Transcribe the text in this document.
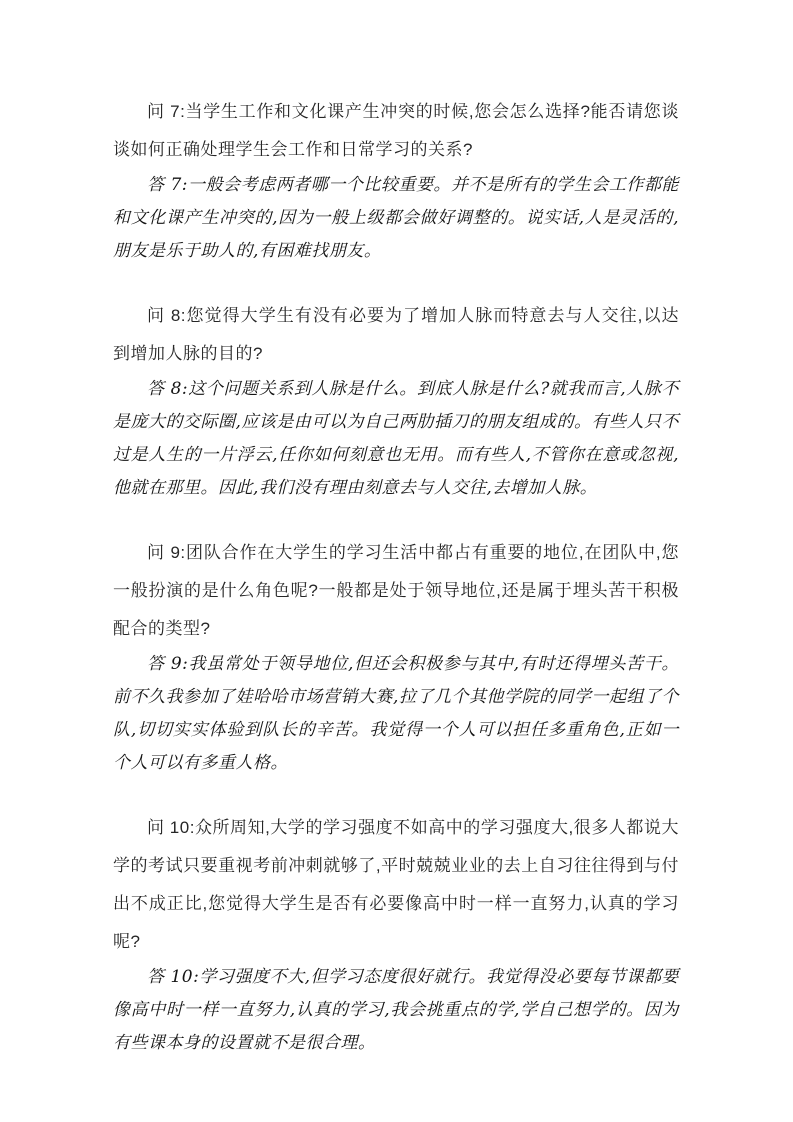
问 7:当学生工作和文化课产生冲突的时候,您会怎么选择?能否请您谈谈如何正确处理学生会工作和日常学习的关系?

答 7:一般会考虑两者哪一个比较重要。并不是所有的学生会工作都能和文化课产生冲突的,因为一般上级都会做好调整的。说实话,人是灵活的,朋友是乐于助人的,有困难找朋友。

问 8:您觉得大学生有没有必要为了增加人脉而特意去与人交往,以达到增加人脉的目的?

答 8:这个问题关系到人脉是什么。到底人脉是什么?就我而言,人脉不是庞大的交际圈,应该是由可以为自己两肋插刀的朋友组成的。有些人只不过是人生的一片浮云,任你如何刻意也无用。而有些人,不管你在意或忽视,他就在那里。因此,我们没有理由刻意去与人交往,去增加人脉。

问 9:团队合作在大学生的学习生活中都占有重要的地位,在团队中,您一般扮演的是什么角色呢?一般都是处于领导地位,还是属于埋头苦干积极配合的类型?

答 9:我虽常处于领导地位,但还会积极参与其中,有时还得埋头苦干。前不久我参加了娃哈哈市场营销大赛,拉了几个其他学院的同学一起组了个队,切切实实体验到队长的辛苦。我觉得一个人可以担任多重角色,正如一个人可以有多重人格。

问 10:众所周知,大学的学习强度不如高中的学习强度大,很多人都说大学的考试只要重视考前冲刺就够了,平时兢兢业业的去上自习往往得到与付出不成正比,您觉得大学生是否有必要像高中时一样一直努力,认真的学习呢?

答 10:学习强度不大,但学习态度很好就行。我觉得没必要每节课都要像高中时一样一直努力,认真的学习,我会挑重点的学,学自己想学的。因为有些课本身的设置就不是很合理。
